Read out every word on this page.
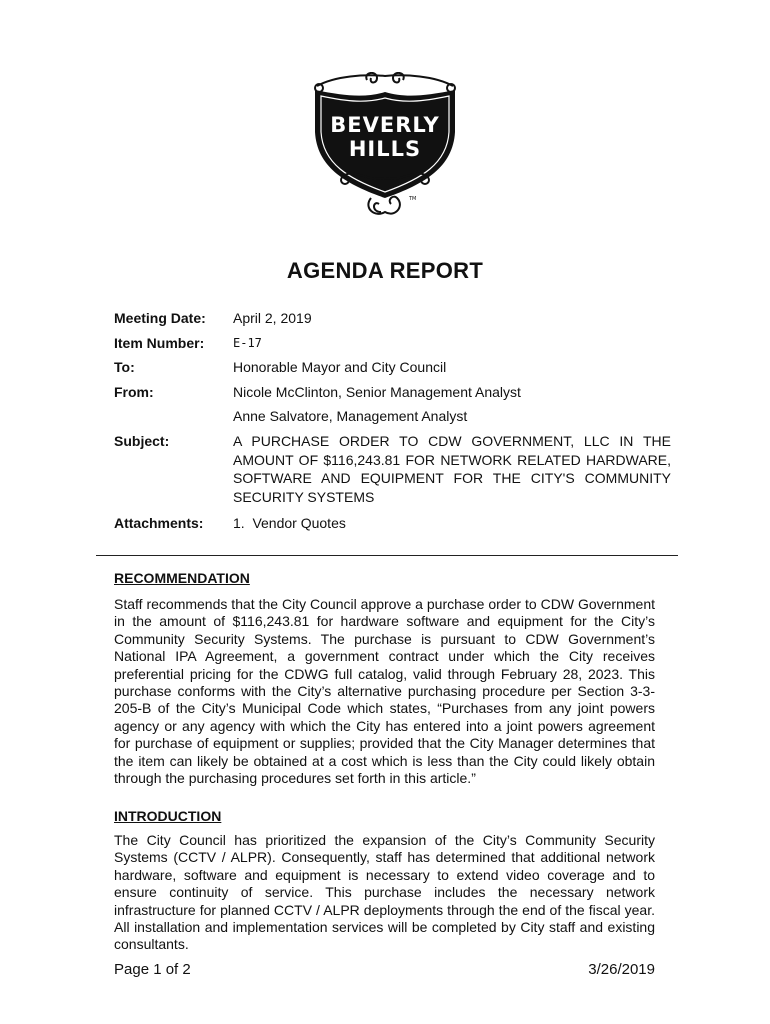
BEVERLY
HILLS
TM
AGENDA REPORT
Meeting Date:	April 2, 2019
Item Number:	E-17
To:	Honorable Mayor and City Council
From:	Nicole McClinton, Senior Management Analyst
Anne Salvatore, Management Analyst
Subject:	A PURCHASE ORDER TO CDW GOVERNMENT, LLC IN THE AMOUNT OF $116,243.81 FOR NETWORK RELATED HARDWARE, SOFTWARE AND EQUIPMENT FOR THE CITY'S COMMUNITY SECURITY SYSTEMS
Attachments:	1.  Vendor Quotes
RECOMMENDATION
Staff recommends that the City Council approve a purchase order to CDW Government in the amount of $116,243.81 for hardware software and equipment for the City’s Community Security Systems. The purchase is pursuant to CDW Government’s National IPA Agreement, a government contract under which the City receives preferential pricing for the CDWG full catalog, valid through February 28, 2023. This purchase conforms with the City’s alternative purchasing procedure per Section 3-3-205-B of the City’s Municipal Code which states, “Purchases from any joint powers agency or any agency with which the City has entered into a joint powers agreement for purchase of equipment or supplies; provided that the City Manager determines that the item can likely be obtained at a cost which is less than the City could likely obtain through the purchasing procedures set forth in this article.”
INTRODUCTION
The City Council has prioritized the expansion of the City’s Community Security Systems (CCTV / ALPR). Consequently, staff has determined that additional network hardware, software and equipment is necessary to extend video coverage and to ensure continuity of service. This purchase includes the necessary network infrastructure for planned CCTV / ALPR deployments through the end of the fiscal year. All installation and implementation services will be completed by City staff and existing consultants.
Page 1 of 2	3/26/2019
